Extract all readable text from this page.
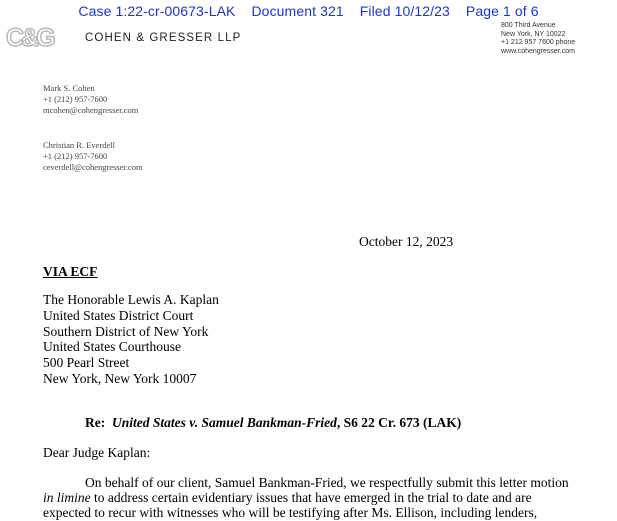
Case 1:22-cr-00673-LAK Document 321 Filed 10/12/23 Page 1 of 6
C&G	COHEN & GRESSER LLP
800 Third Avenue
New York, NY 10022
+1 212 957 7600 phone
www.cohengresser.com
Mark S. Cohen
+1 (212) 957-7600
mcohen@cohengresser.com
Christian R. Everdell
+1 (212) 957-7600
ceverdell@cohengresser.com
October 12, 2023
VIA ECF
The Honorable Lewis A. Kaplan
United States District Court
Southern District of New York
United States Courthouse
500 Pearl Street
New York, New York 10007
Re: United States v. Samuel Bankman-Fried, S6 22 Cr. 673 (LAK)
Dear Judge Kaplan:
On behalf of our client, Samuel Bankman-Fried, we respectfully submit this letter motion
in limine to address certain evidentiary issues that have emerged in the trial to date and are
expected to recur with witnesses who will be testifying after Ms. Ellison, including lenders,
